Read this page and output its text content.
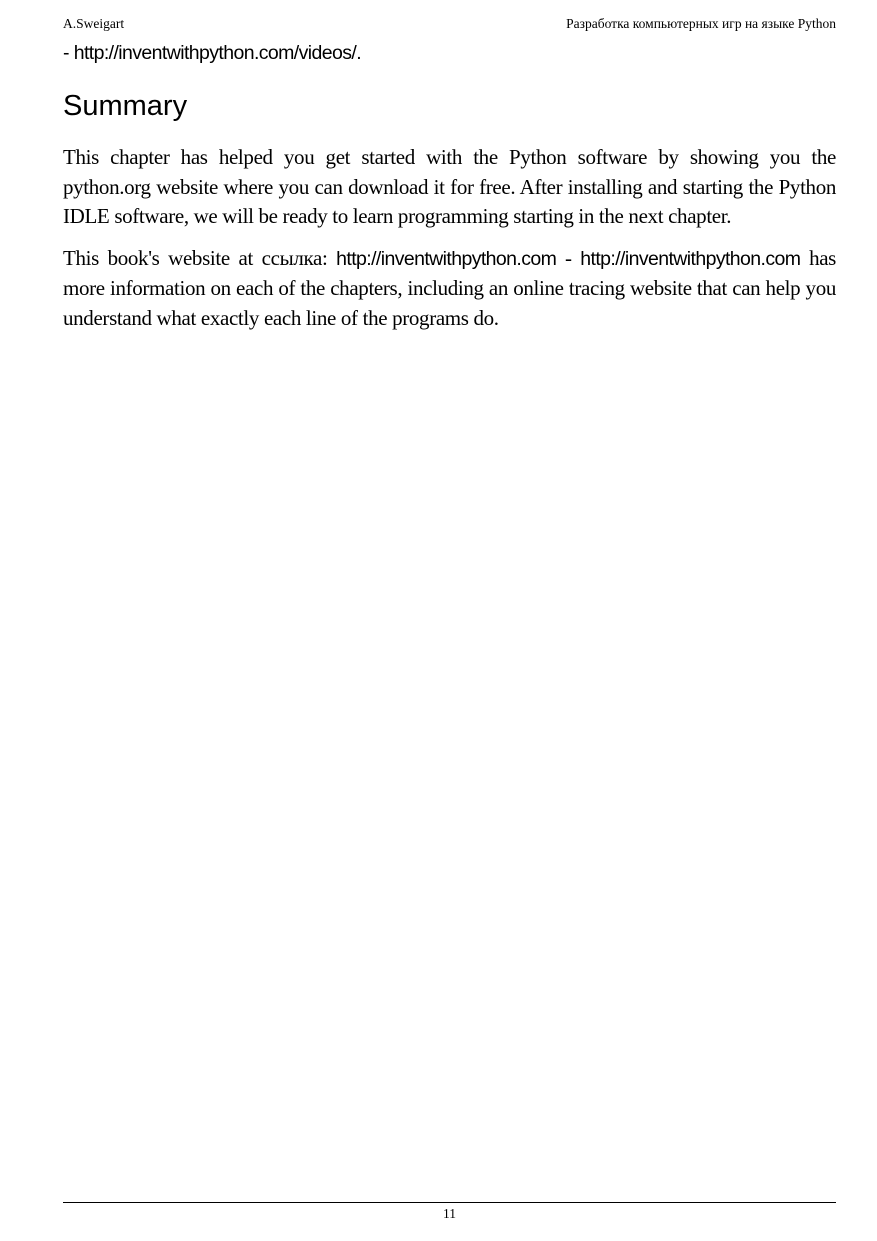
A.Sweigart	Разработка компьютерных игр на языке Python

- http://inventwithpython.com/videos/.

Summary

This chapter has helped you get started with the Python software by showing you the python.org website where you can download it for free. After installing and starting the Python IDLE software, we will be ready to learn programming starting in the next chapter.

This book's website at ссылка: http://inventwithpython.com - http://inventwithpython.com has more information on each of the chapters, including an online tracing website that can help you understand what exactly each line of the programs do.

11
